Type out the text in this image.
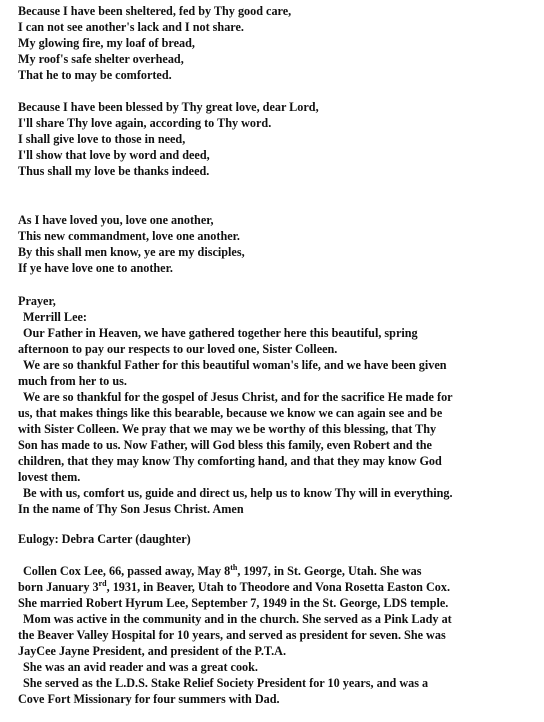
Because I have been sheltered, fed by Thy good care,
I can not see another's lack and I not share.
My glowing fire, my loaf of bread,
My roof's safe shelter overhead,
That he to may be comforted.
Because I have been blessed by Thy great love, dear Lord,
I'll share Thy love again, according to Thy word.
I shall give love to those in need,
I'll show that love by word and deed,
Thus shall my love be thanks indeed.
As I have loved you, love one another,
This new commandment, love one another.
By this shall men know, ye are my disciples,
If ye have love one to another.
Prayer,
Merrill Lee:
Our Father in Heaven, we have gathered together here this beautiful, spring
afternoon to pay our respects to our loved one, Sister Colleen.
We are so thankful Father for this beautiful woman's life, and we have been given
much from her to us.
We are so thankful for the gospel of Jesus Christ, and for the sacrifice He made for
us, that makes things like this bearable, because we know we can again see and be
with Sister Colleen. We pray that we may we be worthy of this blessing, that Thy
Son has made to us. Now Father, will God bless this family, even Robert and the
children, that they may know Thy comforting hand, and that they may know God
lovest them.
Be with us, comfort us, guide and direct us, help us to know Thy will in everything.
In the name of Thy Son Jesus Christ. Amen
Eulogy: Debra Carter (daughter)
Collen Cox Lee, 66, passed away, May 8th, 1997, in St. George, Utah. She was
born January 3rd, 1931, in Beaver, Utah to Theodore and Vona Rosetta Easton Cox.
She married Robert Hyrum Lee, September 7, 1949 in the St. George, LDS temple.
Mom was active in the community and in the church. She served as a Pink Lady at
the Beaver Valley Hospital for 10 years, and served as president for seven. She was
JayCee Jayne President, and president of the P.T.A.
She was an avid reader and was a great cook.
She served as the L.D.S. Stake Relief Society President for 10 years, and was a
Cove Fort Missionary for four summers with Dad.
